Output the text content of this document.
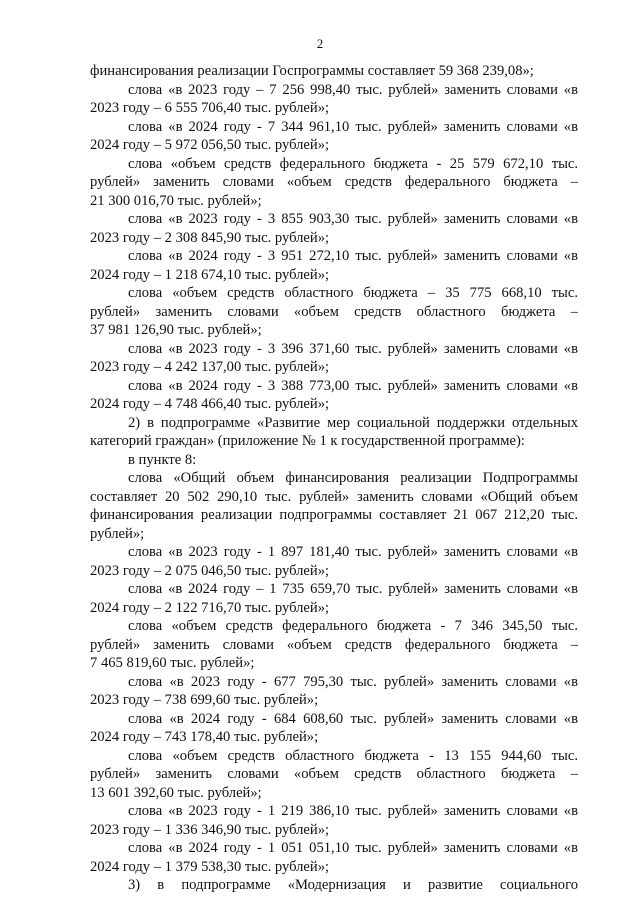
2
финансирования реализации Госпрограммы составляет 59 368 239,08»;
слова «в 2023 году – 7 256 998,40 тыс. рублей» заменить словами «в
2023 году – 6 555 706,40 тыс. рублей»;
слова «в 2024 году - 7 344 961,10 тыс. рублей» заменить словами «в
2024 году – 5 972 056,50 тыс. рублей»;
слова «объем средств федерального бюджета - 25 579 672,10 тыс.
рублей» заменить словами «объем средств федерального бюджета –
21 300 016,70 тыс. рублей»;
слова «в 2023 году - 3 855 903,30 тыс. рублей» заменить словами «в
2023 году – 2 308 845,90 тыс. рублей»;
слова «в 2024 году - 3 951 272,10 тыс. рублей» заменить словами «в
2024 году – 1 218 674,10 тыс. рублей»;
слова «объем средств областного бюджета – 35 775 668,10 тыс.
рублей» заменить словами «объем средств областного бюджета –
37 981 126,90 тыс. рублей»;
слова «в 2023 году - 3 396 371,60 тыс. рублей» заменить словами «в
2023 году – 4 242 137,00 тыс. рублей»;
слова «в 2024 году - 3 388 773,00 тыс. рублей» заменить словами «в
2024 году – 4 748 466,40 тыс. рублей»;
2) в подпрограмме «Развитие мер социальной поддержки отдельных
категорий граждан» (приложение № 1 к государственной программе):
в пункте 8:
слова «Общий объем финансирования реализации Подпрограммы
составляет 20 502 290,10 тыс. рублей» заменить словами «Общий объем
финансирования реализации подпрограммы составляет 21 067 212,20 тыс.
рублей»;
слова «в 2023 году - 1 897 181,40 тыс. рублей» заменить словами «в
2023 году – 2 075 046,50 тыс. рублей»;
слова «в 2024 году – 1 735 659,70 тыс. рублей» заменить словами «в
2024 году – 2 122 716,70 тыс. рублей»;
слова «объем средств федерального бюджета - 7 346 345,50 тыс.
рублей» заменить словами «объем средств федерального бюджета –
7 465 819,60 тыс. рублей»;
слова «в 2023 году - 677 795,30 тыс. рублей» заменить словами «в
2023 году – 738 699,60 тыс. рублей»;
слова «в 2024 году - 684 608,60 тыс. рублей» заменить словами «в
2024 году – 743 178,40 тыс. рублей»;
слова «объем средств областного бюджета - 13 155 944,60 тыс.
рублей» заменить словами «объем средств областного бюджета –
13 601 392,60 тыс. рублей»;
слова «в 2023 году - 1 219 386,10 тыс. рублей» заменить словами «в
2023 году – 1 336 346,90 тыс. рублей»;
слова «в 2024 году - 1 051 051,10 тыс. рублей» заменить словами «в
2024 году – 1 379 538,30 тыс. рублей»;
3) в подпрограмме «Модернизация и развитие социального
